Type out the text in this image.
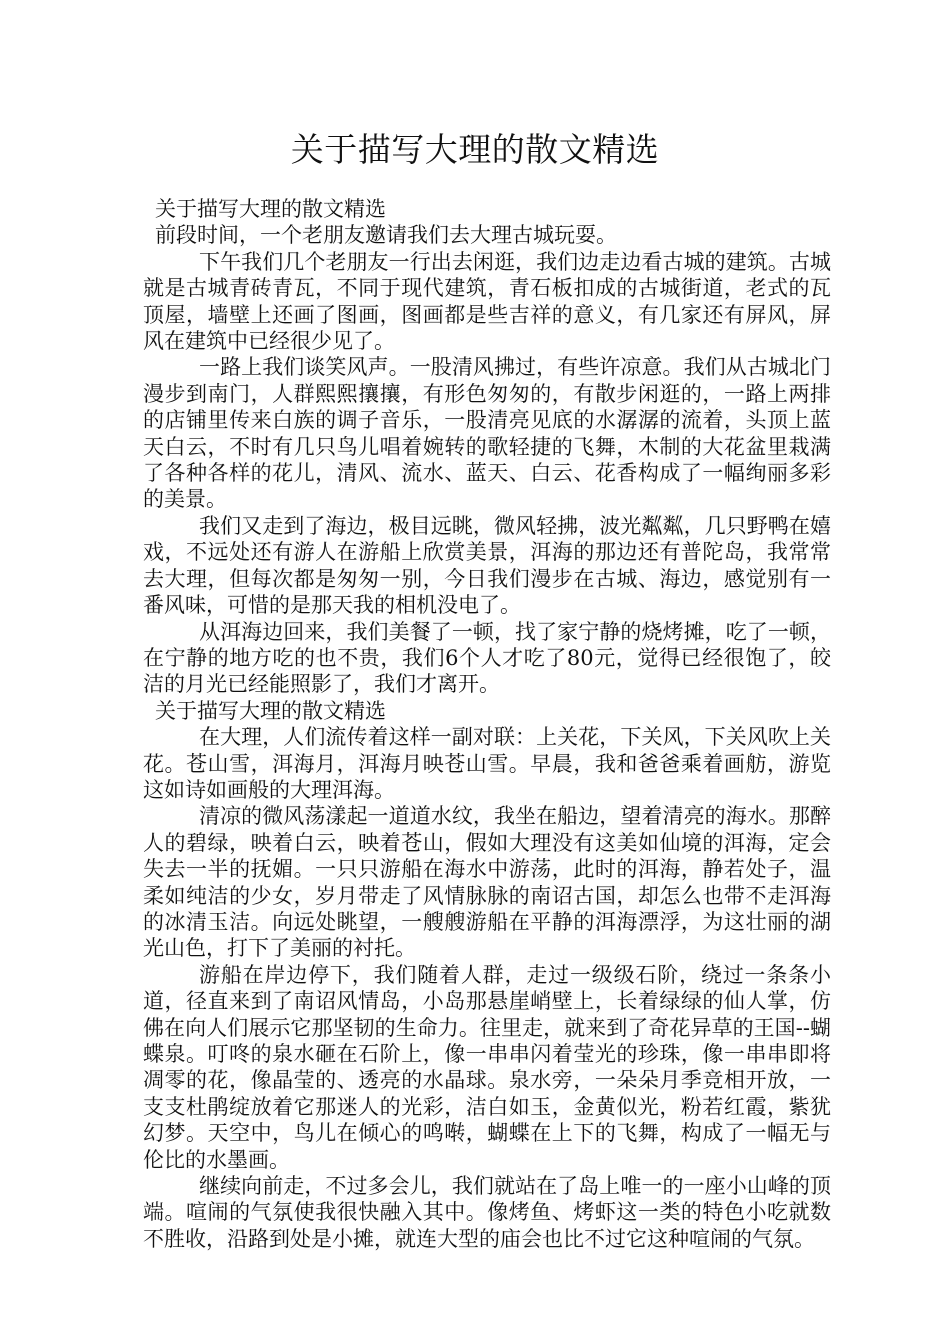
关于描写大理的散文精选

关于描写大理的散文精选

前段时间，一个老朋友邀请我们去大理古城玩耍。

下午我们几个老朋友一行出去闲逛，我们边走边看古城的建筑。古城就是古城青砖青瓦，不同于现代建筑，青石板扣成的古城街道，老式的瓦顶屋，墙壁上还画了图画，图画都是些吉祥的意义，有几家还有屏风，屏风在建筑中已经很少见了。

一路上我们谈笑风声。一股清风拂过，有些许凉意。我们从古城北门漫步到南门，人群熙熙攘攘，有形色匆匆的，有散步闲逛的，一路上两排的店铺里传来白族的调子音乐，一股清亮见底的水潺潺的流着，头顶上蓝天白云，不时有几只鸟儿唱着婉转的歌轻捷的飞舞，木制的大花盆里栽满了各种各样的花儿，清风、流水、蓝天、白云、花香构成了一幅绚丽多彩的美景。

我们又走到了海边，极目远眺，微风轻拂，波光粼粼，几只野鸭在嬉戏，不远处还有游人在游船上欣赏美景，洱海的那边还有普陀岛，我常常去大理，但每次都是匆匆一别，今日我们漫步在古城、海边，感觉别有一番风味，可惜的是那天我的相机没电了。

从洱海边回来，我们美餐了一顿，找了家宁静的烧烤摊，吃了一顿，在宁静的地方吃的也不贵，我们6个人才吃了80元，觉得已经很饱了，皎洁的月光已经能照影了，我们才离开。

关于描写大理的散文精选

在大理，人们流传着这样一副对联：上关花，下关风，下关风吹上关花。苍山雪，洱海月，洱海月映苍山雪。早晨，我和爸爸乘着画舫，游览这如诗如画般的大理洱海。

清凉的微风荡漾起一道道水纹，我坐在船边，望着清亮的海水。那醉人的碧绿，映着白云，映着苍山，假如大理没有这美如仙境的洱海，定会失去一半的抚媚。一只只游船在海水中游荡，此时的洱海，静若处子，温柔如纯洁的少女，岁月带走了风情脉脉的南诏古国，却怎么也带不走洱海的冰清玉洁。向远处眺望，一艘艘游船在平静的洱海漂浮，为这壮丽的湖光山色，打下了美丽的衬托。

游船在岸边停下，我们随着人群，走过一级级石阶，绕过一条条小道，径直来到了南诏风情岛，小岛那悬崖峭壁上，长着绿绿的仙人掌，仿佛在向人们展示它那坚韧的生命力。往里走，就来到了奇花异草的王国--蝴蝶泉。叮咚的泉水砸在石阶上，像一串串闪着莹光的珍珠，像一串串即将凋零的花，像晶莹的、透亮的水晶球。泉水旁，一朵朵月季竞相开放，一支支杜鹃绽放着它那迷人的光彩，洁白如玉，金黄似光，粉若红霞，紫犹幻梦。天空中，鸟儿在倾心的鸣啭，蝴蝶在上下的飞舞，构成了一幅无与伦比的水墨画。

继续向前走，不过多会儿，我们就站在了岛上唯一的一座小山峰的顶端。喧闹的气氛使我很快融入其中。像烤鱼、烤虾这一类的特色小吃就数不胜收，沿路到处是小摊，就连大型的庙会也比不过它这种喧闹的气氛。
